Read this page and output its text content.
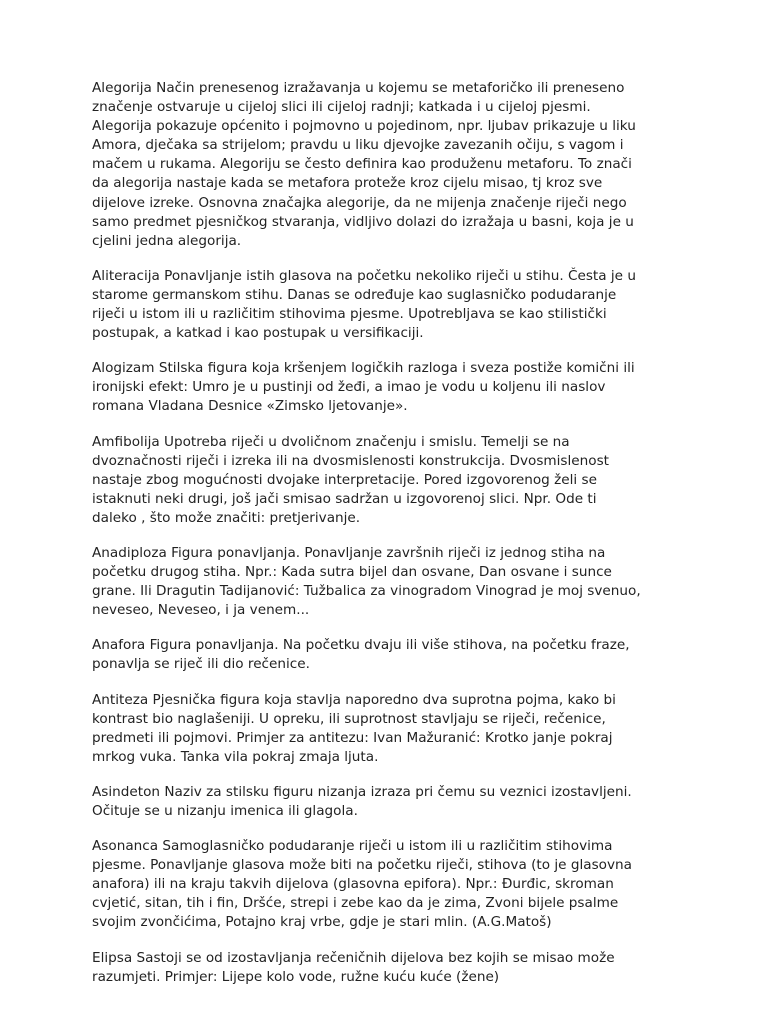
Alegorija Način prenesenog izražavanja u kojemu se metaforičko ili preneseno
značenje ostvaruje u cijeloj slici ili cijeloj radnji; katkada i u cijeloj pjesmi.
Alegorija pokazuje općenito i pojmovno u pojedinom, npr. ljubav prikazuje u liku
Amora, dječaka sa strijelom; pravdu u liku djevojke zavezanih očiju, s vagom i
mačem u rukama. Alegoriju se često definira kao produženu metaforu. To znači
da alegorija nastaje kada se metafora proteže kroz cijelu misao, tj kroz sve
dijelove izreke. Osnovna značajka alegorije, da ne mijenja značenje riječi nego
samo predmet pjesničkog stvaranja, vidljivo dolazi do izražaja u basni, koja je u
cjelini jedna alegorija.

Aliteracija Ponavljanje istih glasova na početku nekoliko riječi u stihu. Česta je u
starome germanskom stihu. Danas se određuje kao suglasničko podudaranje
riječi u istom ili u različitim stihovima pjesme. Upotrebljava se kao stilistički
postupak, a katkad i kao postupak u versifikaciji.

Alogizam Stilska figura koja kršenjem logičkih razloga i sveza postiže komični ili
ironijski efekt: Umro je u pustinji od žeđi, a imao je vodu u koljenu ili naslov
romana Vladana Desnice «Zimsko ljetovanje».

Amfibolija Upotreba riječi u dvoličnom značenju i smislu. Temelji se na
dvoznačnosti riječi i izreka ili na dvosmislenosti konstrukcija. Dvosmislenost
nastaje zbog mogućnosti dvojake interpretacije. Pored izgovorenog želi se
istaknuti neki drugi, još jači smisao sadržan u izgovorenoj slici. Npr. Ode ti
daleko , što može značiti: pretjerivanje.

Anadiploza Figura ponavljanja. Ponavljanje završnih riječi iz jednog stiha na
početku drugog stiha. Npr.: Kada sutra bijel dan osvane, Dan osvane i sunce
grane. Ili Dragutin Tadijanović: Tužbalica za vinogradom Vinograd je moj svenuo,
neveseo, Neveseo, i ja venem...

Anafora Figura ponavljanja. Na početku dvaju ili više stihova, na početku fraze,
ponavlja se riječ ili dio rečenice.

Antiteza Pjesnička figura koja stavlja naporedno dva suprotna pojma, kako bi
kontrast bio naglašeniji. U opreku, ili suprotnost stavljaju se riječi, rečenice,
predmeti ili pojmovi. Primjer za antitezu: Ivan Mažuranić: Krotko janje pokraj
mrkog vuka. Tanka vila pokraj zmaja ljuta.

Asindeton Naziv za stilsku figuru nizanja izraza pri čemu su veznici izostavljeni.
Očituje se u nizanju imenica ili glagola.

Asonanca Samoglasničko podudaranje riječi u istom ili u različitim stihovima
pjesme. Ponavljanje glasova može biti na početku riječi, stihova (to je glasovna
anafora) ili na kraju takvih dijelova (glasovna epifora). Npr.: Đurđic, skroman
cvjetić, sitan, tih i fin, Dršće, strepi i zebe kao da je zima, Zvoni bijele psalme
svojim zvončićima, Potajno kraj vrbe, gdje je stari mlin. (A.G.Matoš)

Elipsa Sastoji se od izostavljanja rečeničnih dijelova bez kojih se misao može
razumjeti. Primjer: Lijepe kolo vode, ružne kuću kuće (žene)
